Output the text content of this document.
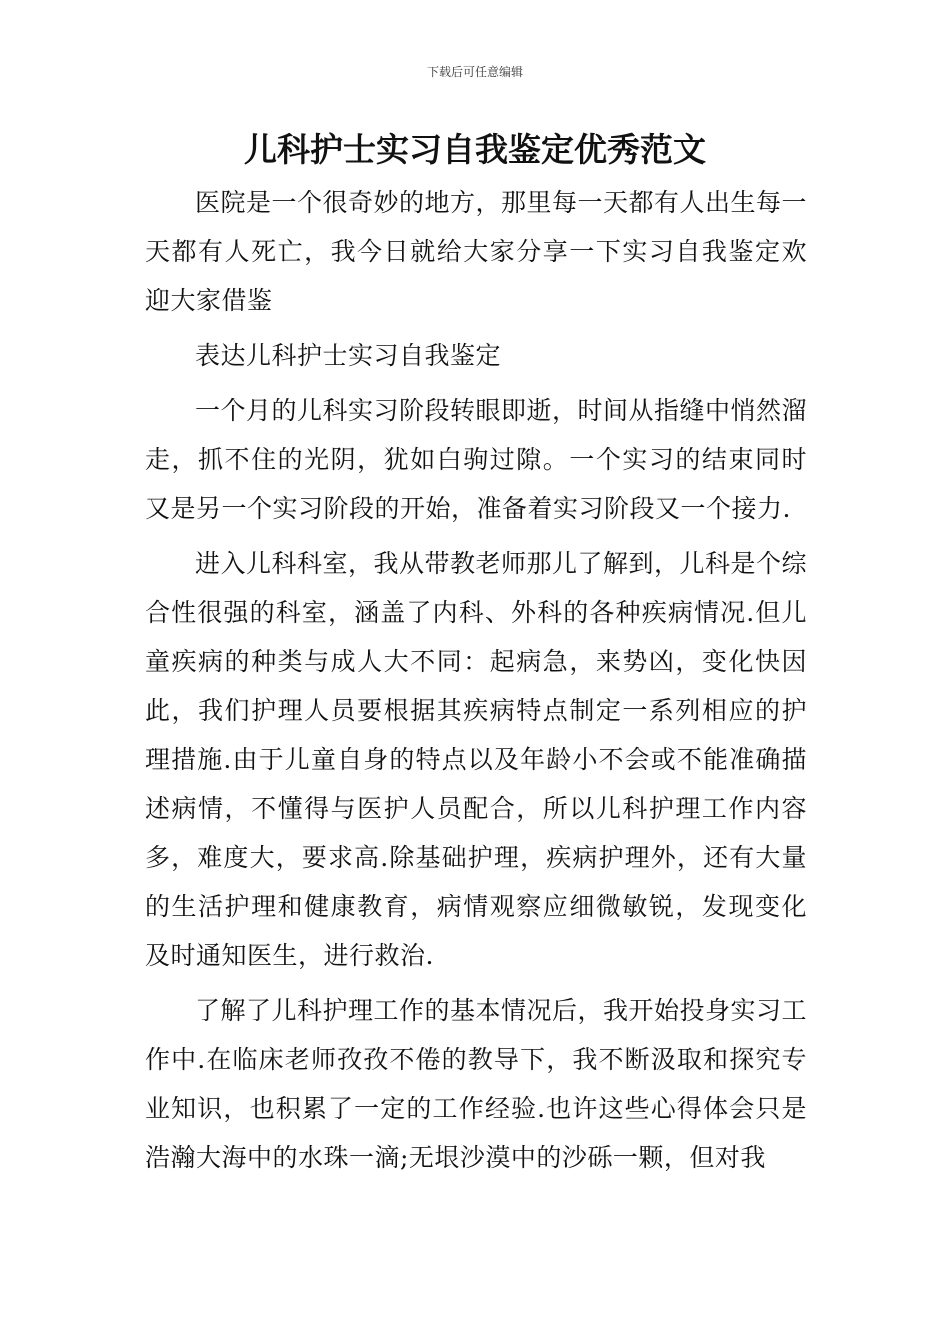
下载后可任意编辑
儿科护士实习自我鉴定优秀范文

医院是一个很奇妙的地方，那里每一天都有人出生每一天都有人死亡，我今日就给大家分享一下实习自我鉴定欢迎大家借鉴

表达儿科护士实习自我鉴定

一个月的儿科实习阶段转眼即逝，时间从指缝中悄然溜走，抓不住的光阴，犹如白驹过隙。一个实习的结束同时又是另一个实习阶段的开始，准备着实习阶段又一个接力.

进入儿科科室，我从带教老师那儿了解到，儿科是个综合性很强的科室，涵盖了内科、外科的各种疾病情况.但儿童疾病的种类与成人大不同：起病急，来势凶，变化快因此，我们护理人员要根据其疾病特点制定一系列相应的护理措施.由于儿童自身的特点以及年龄小不会或不能准确描述病情，不懂得与医护人员配合，所以儿科护理工作内容多，难度大，要求高.除基础护理，疾病护理外，还有大量的生活护理和健康教育，病情观察应细微敏锐，发现变化及时通知医生，进行救治.

了解了儿科护理工作的基本情况后，我开始投身实习工作中.在临床老师孜孜不倦的教导下，我不断汲取和探究专业知识，也积累了一定的工作经验.也许这些心得体会只是浩瀚大海中的水珠一滴;无垠沙漠中的沙砾一颗，但对我
